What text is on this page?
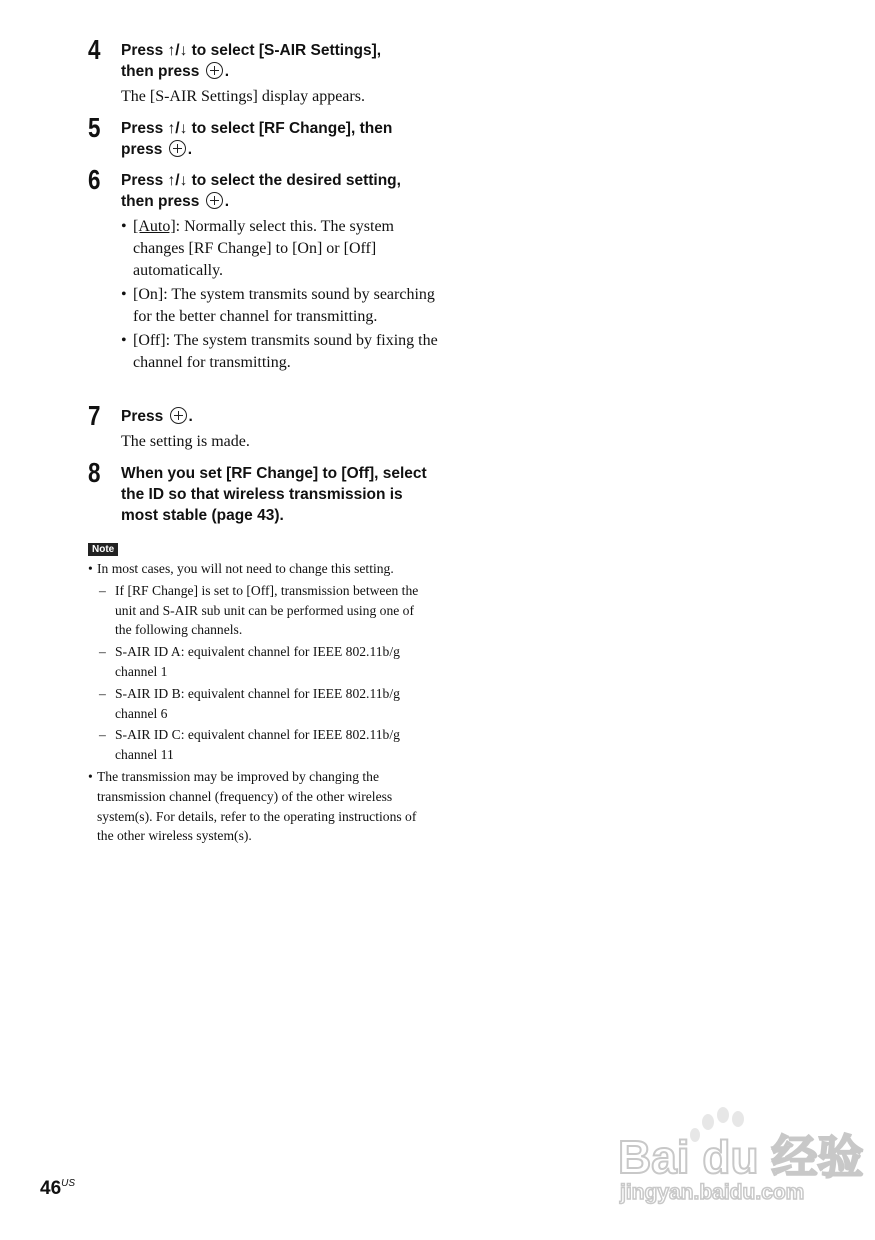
4 Press ↑/↓ to select [S-AIR Settings],
then press .
The [S-AIR Settings] display appears.
5 Press ↑/↓ to select [RF Change], then
press .
6 Press ↑/↓ to select the desired setting,
then press .
• [Auto]: Normally select this. The system changes [RF Change] to [On] or [Off] automatically.
• [On]: The system transmits sound by searching for the better channel for transmitting.
• [Off]: The system transmits sound by fixing the channel for transmitting.
7 Press .
The setting is made.
8 When you set [RF Change] to [Off], select the ID so that wireless transmission is most stable (page 43).
Note
• In most cases, you will not need to change this setting.
– If [RF Change] is set to [Off], transmission between the unit and S-AIR sub unit can be performed using one of the following channels.
– S-AIR ID A: equivalent channel for IEEE 802.11b/g channel 1
– S-AIR ID B: equivalent channel for IEEE 802.11b/g channel 6
– S-AIR ID C: equivalent channel for IEEE 802.11b/g channel 11
• The transmission may be improved by changing the transmission channel (frequency) of the other wireless system(s). For details, refer to the operating instructions of the other wireless system(s).
$46^{US}$
Bai du 经验
jingyan.baidu.com
